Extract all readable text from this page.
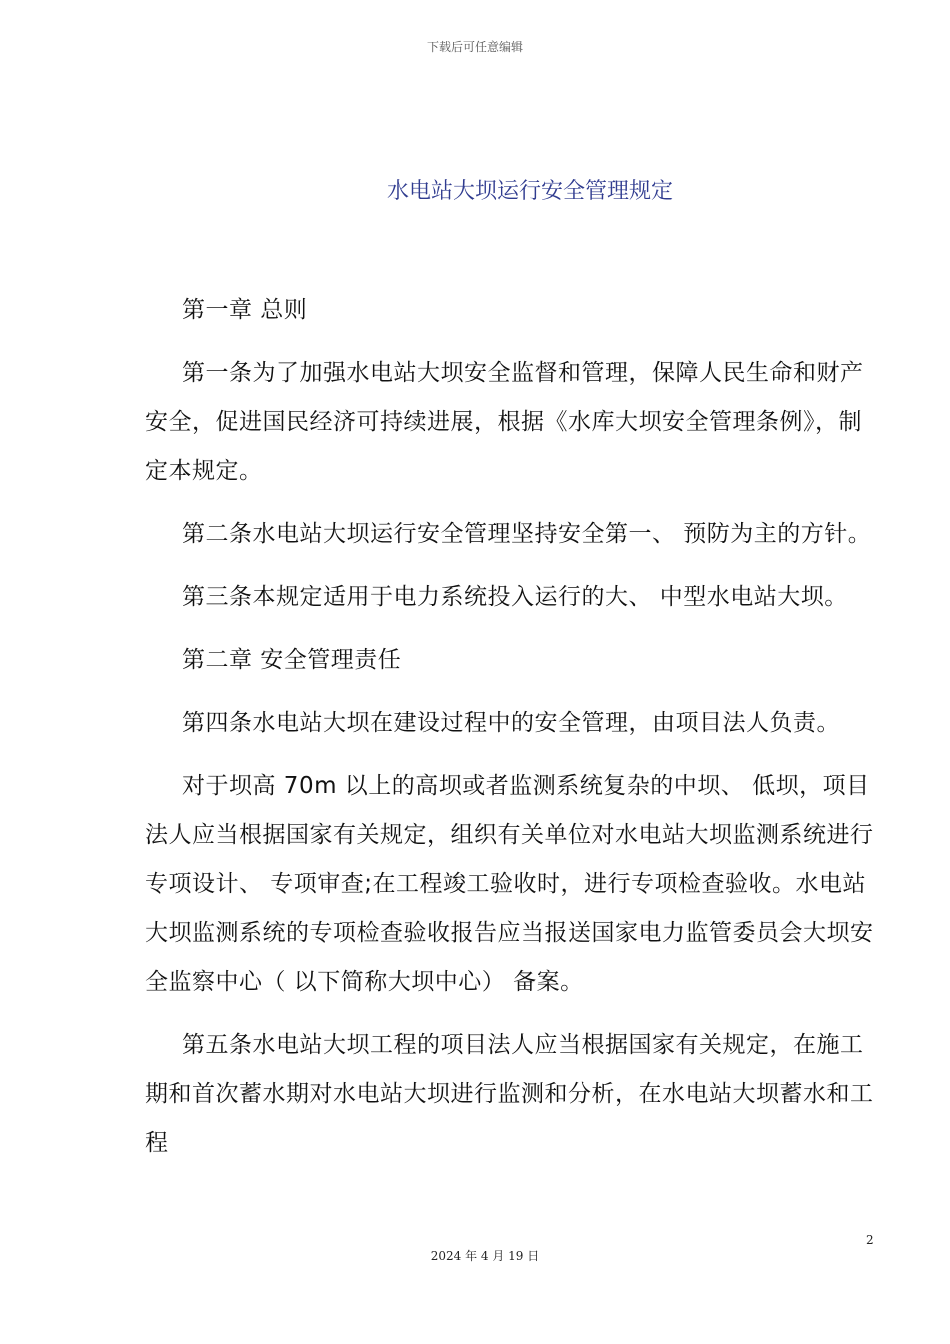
下载后可任意编辑
水电站大坝运行安全管理规定

第一章 总则

第一条为了加强水电站大坝安全监督和管理，保障人民生命和财产安全，促进国民经济可持续进展，根据《水库大坝安全管理条例》，制定本规定。

第二条水电站大坝运行安全管理坚持安全第一、 预防为主的方针。

第三条本规定适用于电力系统投入运行的大、 中型水电站大坝。

第二章 安全管理责任

第四条水电站大坝在建设过程中的安全管理，由项目法人负责。

对于坝高 70m 以上的高坝或者监测系统复杂的中坝、 低坝，项目法人应当根据国家有关规定，组织有关单位对水电站大坝监测系统进行专项设计、 专项审查;在工程竣工验收时，进行专项检查验收。水电站大坝监测系统的专项检查验收报告应当报送国家电力监管委员会大坝安全监察中心（ 以下简称大坝中心） 备案。

第五条水电站大坝工程的项目法人应当根据国家有关规定，在施工期和首次蓄水期对水电站大坝进行监测和分析，在水电站大坝蓄水和工程

2
2024 年 4 月 19 日
